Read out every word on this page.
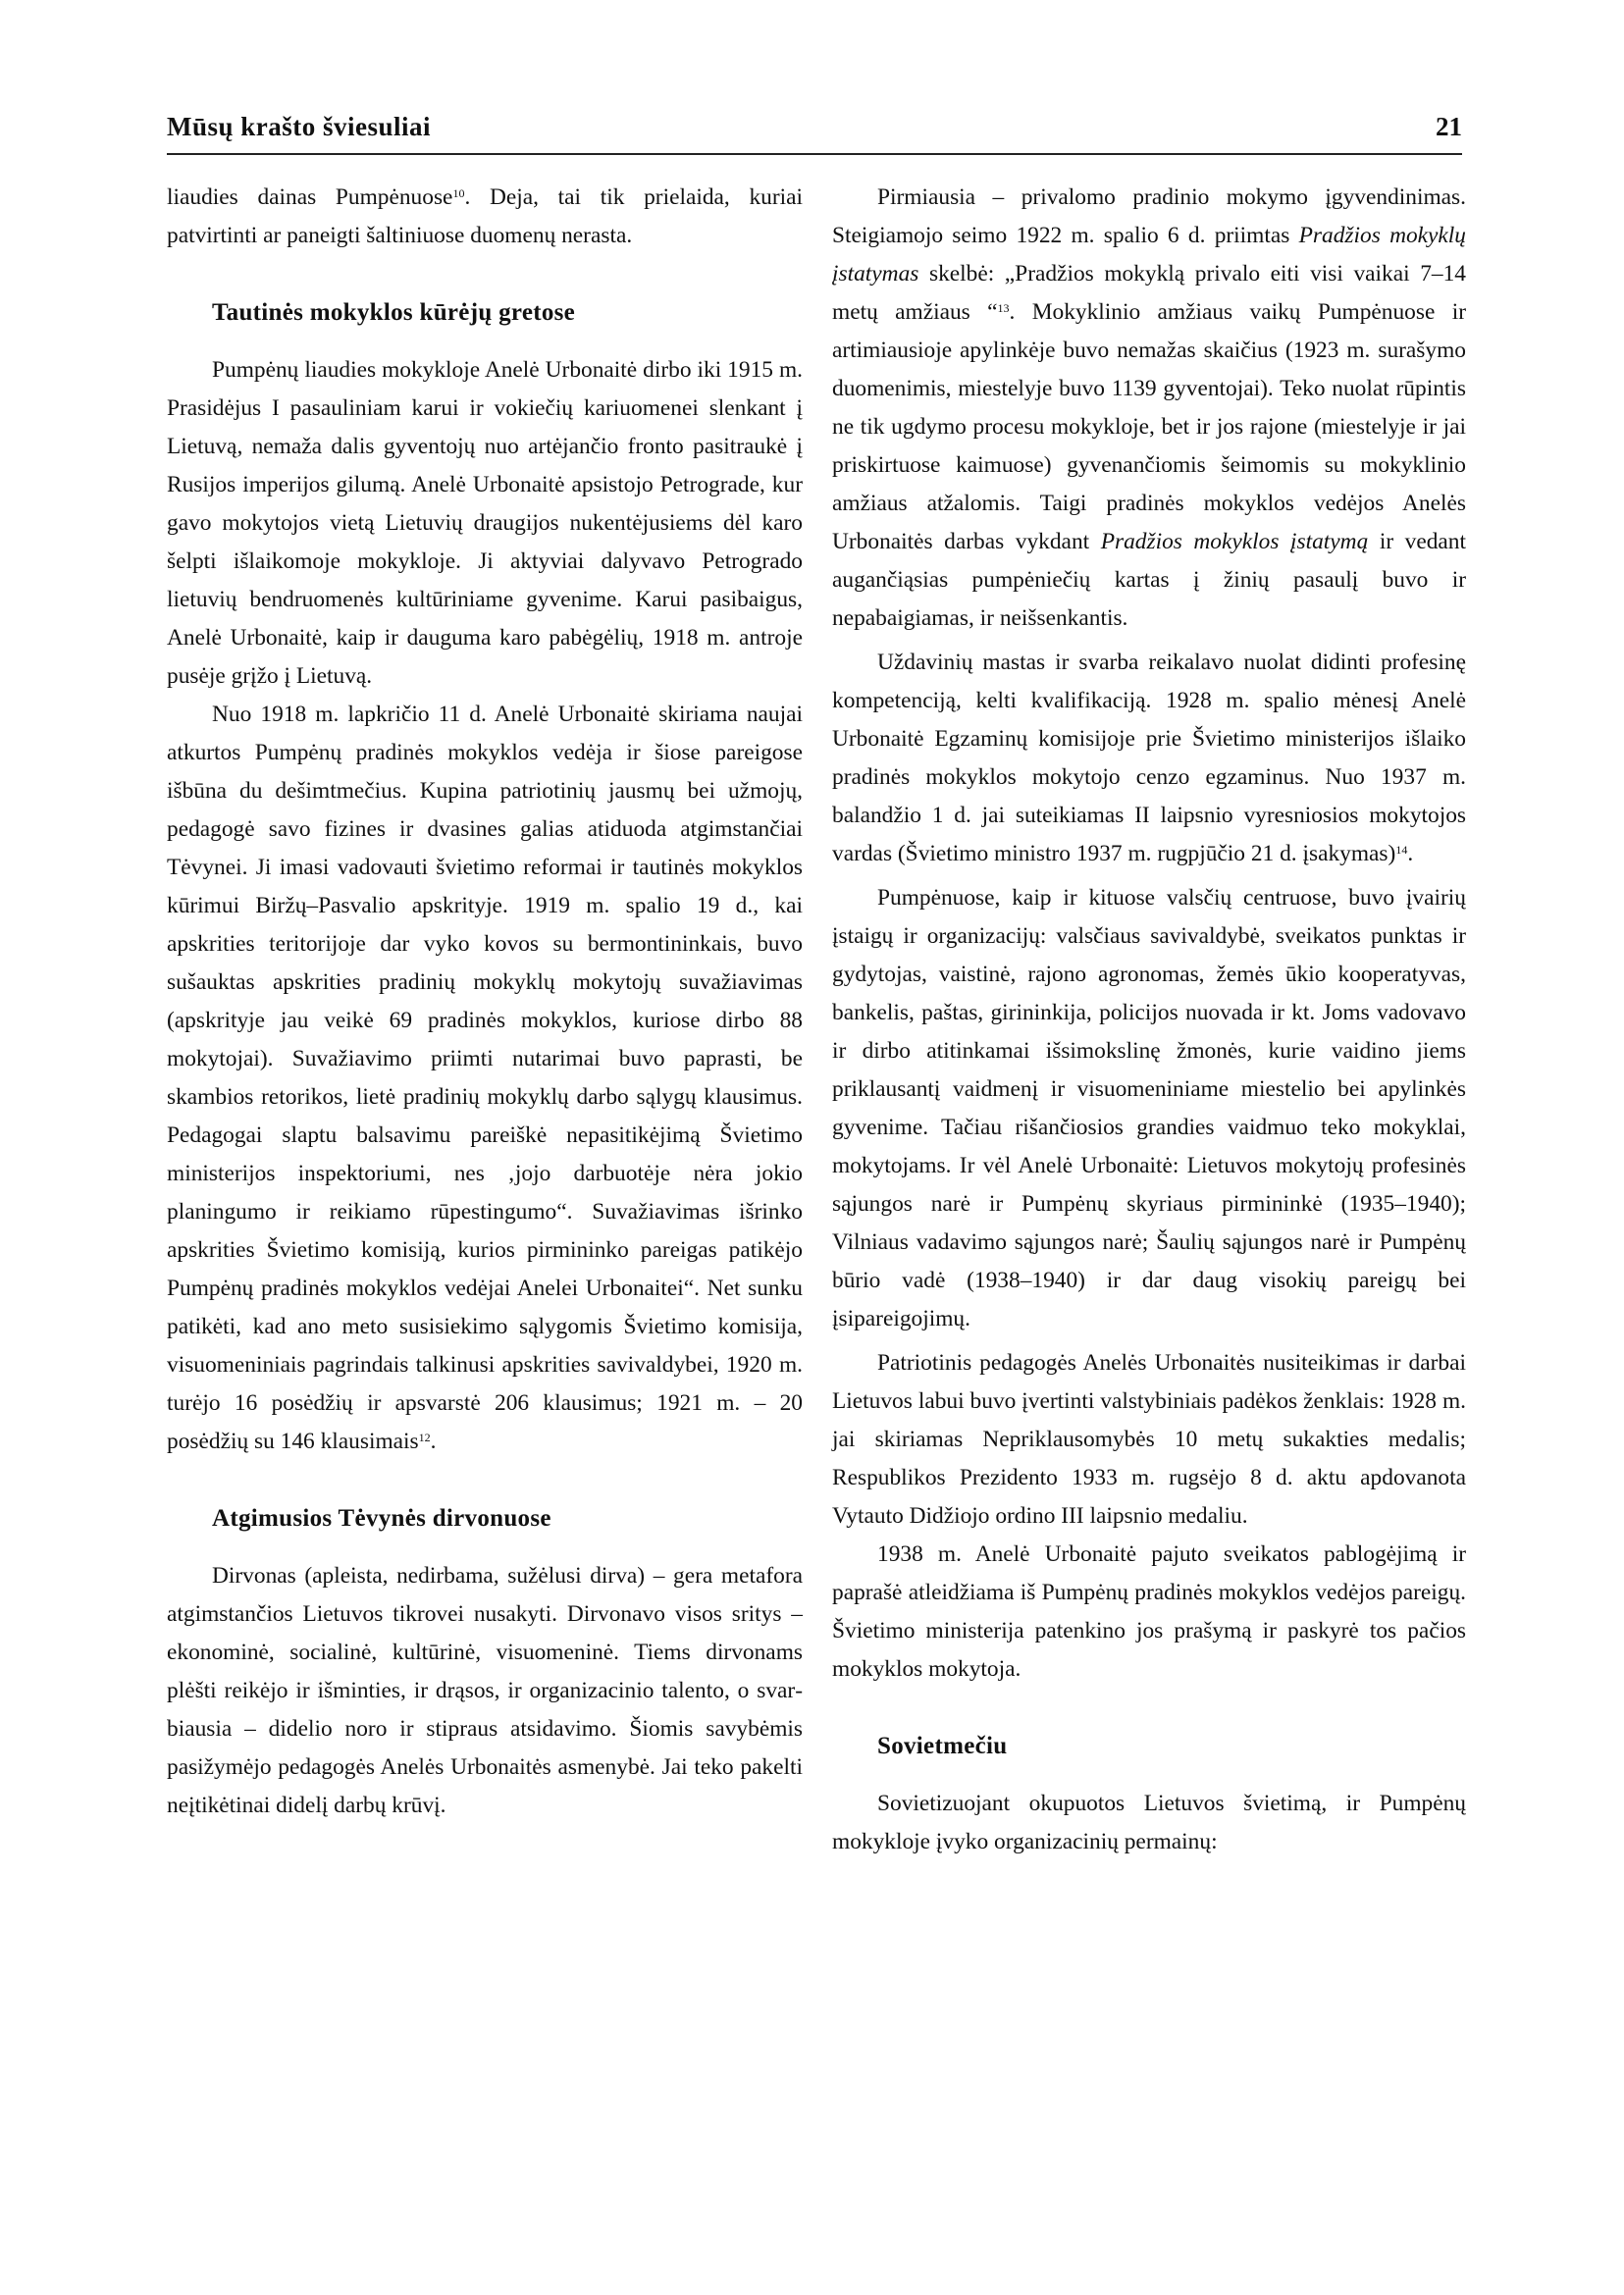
Mūsų krašto šviesuliai	21

liaudies dainas Pumpėnuose$^{10}$. Deja, tai tik prielaida, kuriai patvirtinti ar paneigti šaltiniuose duomenų nerasta.

Tautinės mokyklos kūrėjų gretose

Pumpėnų liaudies mokykloje Anelė Urbonaitė dirbo iki 1915 m. Prasidėjus I pasauliniam karui ir vokiečių kariuomenei slenkant į Lietuvą, nemaža dalis gyventojų nuo artėjančio fronto pasitraukė į Rusijos imperijos gilumą. Anelė Urbonaitė apsistojo Petrograde, kur gavo mokytojos vietą Lietuvių draugijos nukentėjusiems dėl karo šelpti išlaikomoje mokykloje. Ji aktyviai dalyvavo Petrogrado lietuvių bendruomenės kultūriniame gyvenime. Karui pasibaigus, Anelė Urbonaitė, kaip ir dauguma karo pabėgėlių, 1918 m. antroje pusėje grįžo į Lietuvą.

Nuo 1918 m. lapkričio 11 d. Anelė Urbonaitė skiriama naujai atkurtos Pumpėnų pradinės mokyklos vedėja ir šiose pareigose išbūna du dešimtmečius. Kupina patriotinių jausmų bei užmojų, pedagogė savo fizines ir dvasines galias atiduoda atgimstančiai Tėvynei. Ji imasi vadovauti švietimo reformai ir tautinės mokyklos kūrimui Biržų–Pasvalio apskrityje. 1919 m. spalio 19 d., kai apskrities teritorijoje dar vyko kovos su bermontininkais, buvo sušauktas apskrities pradinių mokyklų mokytojų suvažiavimas (apskrityje jau veikė 69 pradinės mokyklos, kuriose dirbo 88 mokytojai). Suvažiavimo priimti nutarimai buvo paprasti, be skambios retorikos, lietė pradinių mokyklų darbo sąlygų klausimus. Pedagogai slaptu balsavimu pareiškė nepasitikėjimą Švietimo ministerijos inspektoriumi, nes ‚jojo darbuotėje nėra jokio planingumo ir reikiamo rūpestingumo“. Suvažiavimas išrinko apskrities Švietimo komisiją, kurios pirmininko pareigas patikėjo Pumpėnų pradinės mokyklos vedėjai Anelei Urbonaitei“. Net sunku patikėti, kad ano meto susisiekimo sąlygomis Švietimo komisija, visuomeniniais pagrindais talkinusi apskrities savivaldybei, 1920 m. turėjo 16 posėdžių ir apsvarstė 206 klausimus; 1921 m. – 20 posėdžių su 146 klausimais$^{12}$.

Atgimusios Tėvynės dirvonuose

Dirvonas (apleista, nedirbama, sužėlusi dirva) – gera metafora atgimstančios Lietuvos tikrovei nusakyti. Dirvonavo visos sritys – ekonominė, socialinė, kultūrinė, visuomeninė. Tiems dirvonams plėšti reikėjo ir išminties, ir drąsos, ir organizacinio talento, o svarbiausia – didelio noro ir stipraus atsidavimo. Šiomis savybėmis pasižymėjo pedagogės Anelės Urbonaitės asmenybė. Jai teko pakelti neįtikėtinai didelį darbų krūvį.

Pirmiausia – privalomo pradinio mokymo įgyvendinimas. Steigiamojo seimo 1922 m. spalio 6 d. priimtas Pradžios mokyklų įstatymas skelbė: „Pradžios mokyklą privalo eiti visi vaikai 7–14 metų amžiaus “$^{13}$. Mokyklinio amžiaus vaikų Pumpėnuose ir artimiausioje apylinkėje buvo nemažas skaičius (1923 m. surašymo duomenimis, miestelyje buvo 1139 gyventojai). Teko nuolat rūpintis ne tik ugdymo procesu mokykloje, bet ir jos rajone (miestelyje ir jai priskirtuose kaimuose) gyvenančiomis šeimomis su mokyklinio amžiaus atžalomis. Taigi pradinės mokyklos vedėjos Anelės Urbonaitės darbas vykdant Pradžios mokyklos įstatymą ir vedant augančiąsias pumpėniečių kartas į žinių pasaulį buvo ir nepabaigiamas, ir neišsenkantis.

Uždavinių mastas ir svarba reikalavo nuolat didinti profesinę kompetenciją, kelti kvalifikaciją. 1928 m. spalio mėnesį Anelė Urbonaitė Egzaminų komisijoje prie Švietimo ministerijos išlaiko pradinės mokyklos mokytojo cenzo egzaminus. Nuo 1937 m. balandžio 1 d. jai suteikiamas II laipsnio vyresniosios mokytojos vardas (Švietimo ministro 1937 m. rugpjūčio 21 d. įsakymas)$^{14}$.

Pumpėnuose, kaip ir kituose valsčių centruose, buvo įvairių įstaigų ir organizacijų: valsčiaus savivaldybė, sveikatos punktas ir gydytojas, vaistinė, rajono agronomas, žemės ūkio kooperatyvas, bankelis, paštas, girininkija, policijos nuovada ir kt. Joms vadovavo ir dirbo atitinkamai išsimokslinę žmonės, kurie vaidino jiems priklausantį vaidmenį ir visuomeniniame miestelio bei apylinkės gyvenime. Tačiau rišančiosios grandies vaidmuo teko mokyklai, mokytojams. Ir vėl Anelė Urbonaitė: Lietuvos mokytojų profesinės sąjungos narė ir Pumpėnų skyriaus pirmininkė (1935–1940); Vilniaus vadavimo sąjungos narė; Šaulių sąjungos narė ir Pumpėnų būrio vadė (1938–1940) ir dar daug visokių pareigų bei įsipareigojimų.

Patriotinis pedagogės Anelės Urbonaitės nusiteikimas ir darbai Lietuvos labui buvo įvertinti valstybiniais padėkos ženklais: 1928 m. jai skiriamas Nepriklausomybės 10 metų sukakties medalis; Respublikos Prezidento 1933 m. rugsėjo 8 d. aktu apdovanota Vytauto Didžiojo ordino III laipsnio medaliu.

1938 m. Anelė Urbonaitė pajuto sveikatos pablogėjimą ir paprašė atleidžiama iš Pumpėnų pradinės mokyklos vedėjos pareigų. Švietimo ministerija patenkino jos prašymą ir paskyrė tos pačios mokyklos mokytoja.

Sovietmečiu

Sovietizuojant okupuotos Lietuvos švietimą, ir Pumpėnų mokykloje įvyko organizacinių permainų:
